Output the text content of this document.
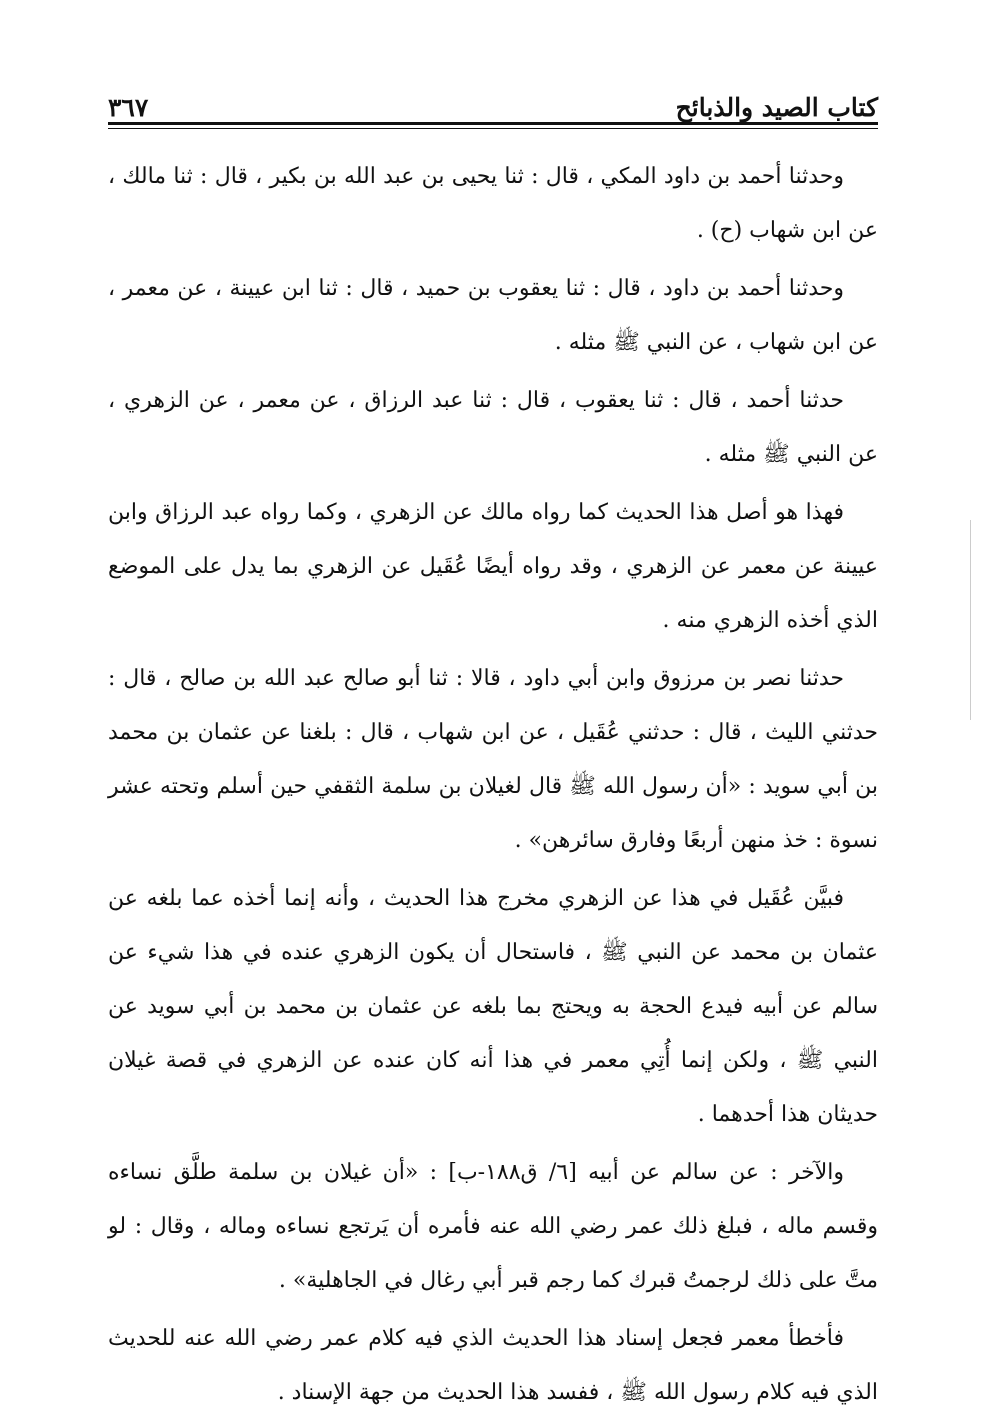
كتاب الصيد والذبائح
٣٦٧

وحدثنا أحمد بن داود المكي ، قال : ثنا يحيى بن عبد الله بن بكير ، قال : ثنا مالك ، عن ابن شهاب (ح) .

وحدثنا أحمد بن داود ، قال : ثنا يعقوب بن حميد ، قال : ثنا ابن عيينة ، عن معمر ، عن ابن شهاب ، عن النبي ﷺ مثله .

حدثنا أحمد ، قال : ثنا يعقوب ، قال : ثنا عبد الرزاق ، عن معمر ، عن الزهري ، عن النبي ﷺ مثله .

فهذا هو أصل هذا الحديث كما رواه مالك عن الزهري ، وكما رواه عبد الرزاق وابن عيينة عن معمر عن الزهري ، وقد رواه أيضًا عُقَيل عن الزهري بما يدل على الموضع الذي أخذه الزهري منه .

حدثنا نصر بن مرزوق وابن أبي داود ، قالا : ثنا أبو صالح عبد الله بن صالح ، قال : حدثني الليث ، قال : حدثني عُقَيل ، عن ابن شهاب ، قال : بلغنا عن عثمان بن محمد بن أبي سويد : «أن رسول الله ﷺ قال لغيلان بن سلمة الثقفي حين أسلم وتحته عشر نسوة : خذ منهن أربعًا وفارق سائرهن» .

فبيَّن عُقَيل في هذا عن الزهري مخرج هذا الحديث ، وأنه إنما أخذه عما بلغه عن عثمان بن محمد عن النبي ﷺ ، فاستحال أن يكون الزهري عنده في هذا شيء عن سالم عن أبيه فيدع الحجة به ويحتج بما بلغه عن عثمان بن محمد بن أبي سويد عن النبي ﷺ ، ولكن إنما أُتِي معمر في هذا أنه كان عنده عن الزهري في قصة غيلان حديثان هذا أحدهما .

والآخر : عن سالم عن أبيه [٦/ ق١٨٨-ب] : «أن غيلان بن سلمة طلَّق نساءه وقسم ماله ، فبلغ ذلك عمر رضي الله عنه فأمره أن يَرتجع نساءه وماله ، وقال : لو متَّ على ذلك لرجمتُ قبرك كما رجم قبر أبي رغال في الجاهلية» .

فأخطأ معمر فجعل إسناد هذا الحديث الذي فيه كلام عمر رضي الله عنه للحديث الذي فيه كلام رسول الله ﷺ ، ففسد هذا الحديث من جهة الإسناد .
